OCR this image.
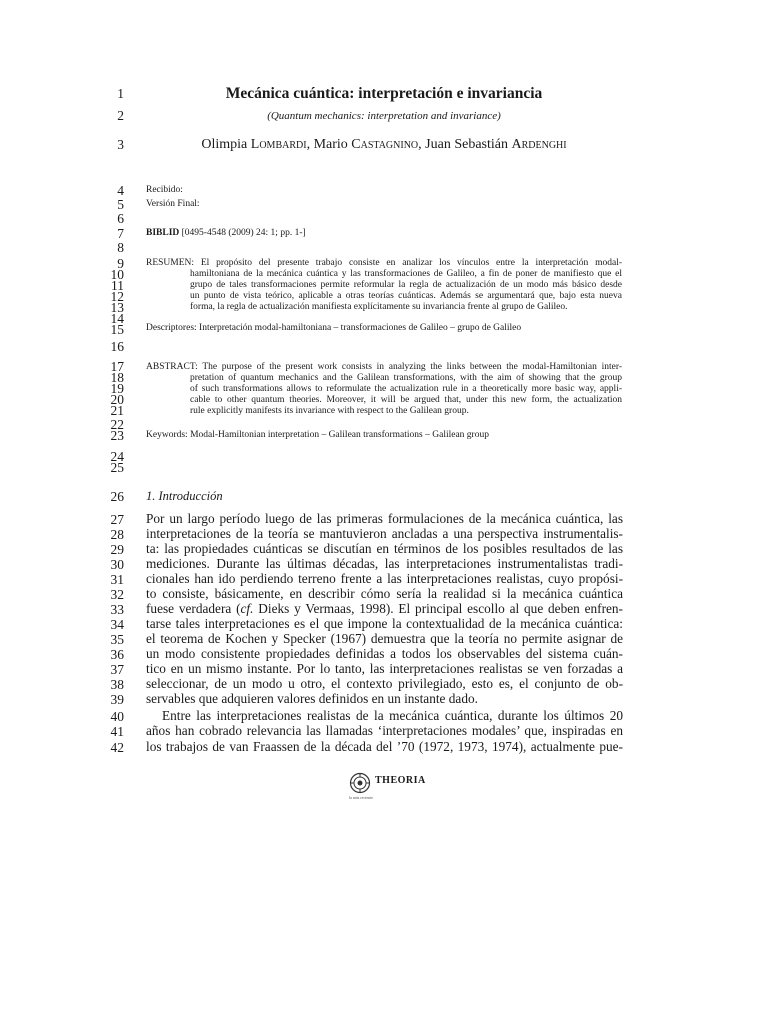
1
2
3
4
5
6
7
8
9
10
11
12
13
14
15
16
17
18
19
20
21
22
23
24
25
26
27
28
29
30
31
32
33
34
35
36
37
38
39
40
41
42
Mecánica cuántica: interpretación e invariancia
(Quantum mechanics: interpretation and invariance)
Olimpia Lombardi, Mario Castagnino, Juan Sebastián Ardenghi
Recibido:
Versión Final:
BIBLID [0495-4548 (2009) 24: 1; pp. 1-]
RESUMEN: El propósito del presente trabajo consiste en analizar los vínculos entre la interpretación modal-
hamiltoniana de la mecánica cuántica y las transformaciones de Galileo, a fin de poner de manifiesto que el
grupo de tales transformaciones permite reformular la regla de actualización de un modo más básico desde
un punto de vista teórico, aplicable a otras teorías cuánticas. Además se argumentará que, bajo esta nueva
forma, la regla de actualización manifiesta explícitamente su invariancia frente al grupo de Galileo.
Descriptores: Interpretación modal-hamiltoniana – transformaciones de Galileo – grupo de Galileo
ABSTRACT: The purpose of the present work consists in analyzing the links between the modal-Hamiltonian inter-
pretation of quantum mechanics and the Galilean transformations, with the aim of showing that the group
of such transformations allows to reformulate the actualization rule in a theoretically more basic way, appli-
cable to other quantum theories. Moreover, it will be argued that, under this new form, the actualization
rule explicitly manifests its invariance with respect to the Galilean group.
Keywords: Modal-Hamiltonian interpretation – Galilean transformations – Galilean group
1. Introducción
Por un largo período luego de las primeras formulaciones de la mecánica cuántica, las
interpretaciones de la teoría se mantuvieron ancladas a una perspectiva instrumentalis-
ta: las propiedades cuánticas se discutían en términos de los posibles resultados de las
mediciones. Durante las últimas décadas, las interpretaciones instrumentalistas tradi-
cionales han ido perdiendo terreno frente a las interpretaciones realistas, cuyo propósi-
to consiste, básicamente, en describir cómo sería la realidad si la mecánica cuántica
fuese verdadera (cf. Dieks y Vermaas, 1998). El principal escollo al que deben enfren-
tarse tales interpretaciones es el que impone la contextualidad de la mecánica cuántica:
el teorema de Kochen y Specker (1967) demuestra que la teoría no permite asignar de
un modo consistente propiedades definidas a todos los observables del sistema cuán-
tico en un mismo instante. Por lo tanto, las interpretaciones realistas se ven forzadas a
seleccionar, de un modo u otro, el contexto privilegiado, esto es, el conjunto de ob-
servables que adquieren valores definidos en un instante dado.
Entre las interpretaciones realistas de la mecánica cuántica, durante los últimos 20
años han cobrado relevancia las llamadas ‘interpretaciones modales’ que, inspiradas en
los trabajos de van Fraassen de la década del ’70 (1972, 1973, 1974), actualmente pue-
THEORIA
la más reciente
